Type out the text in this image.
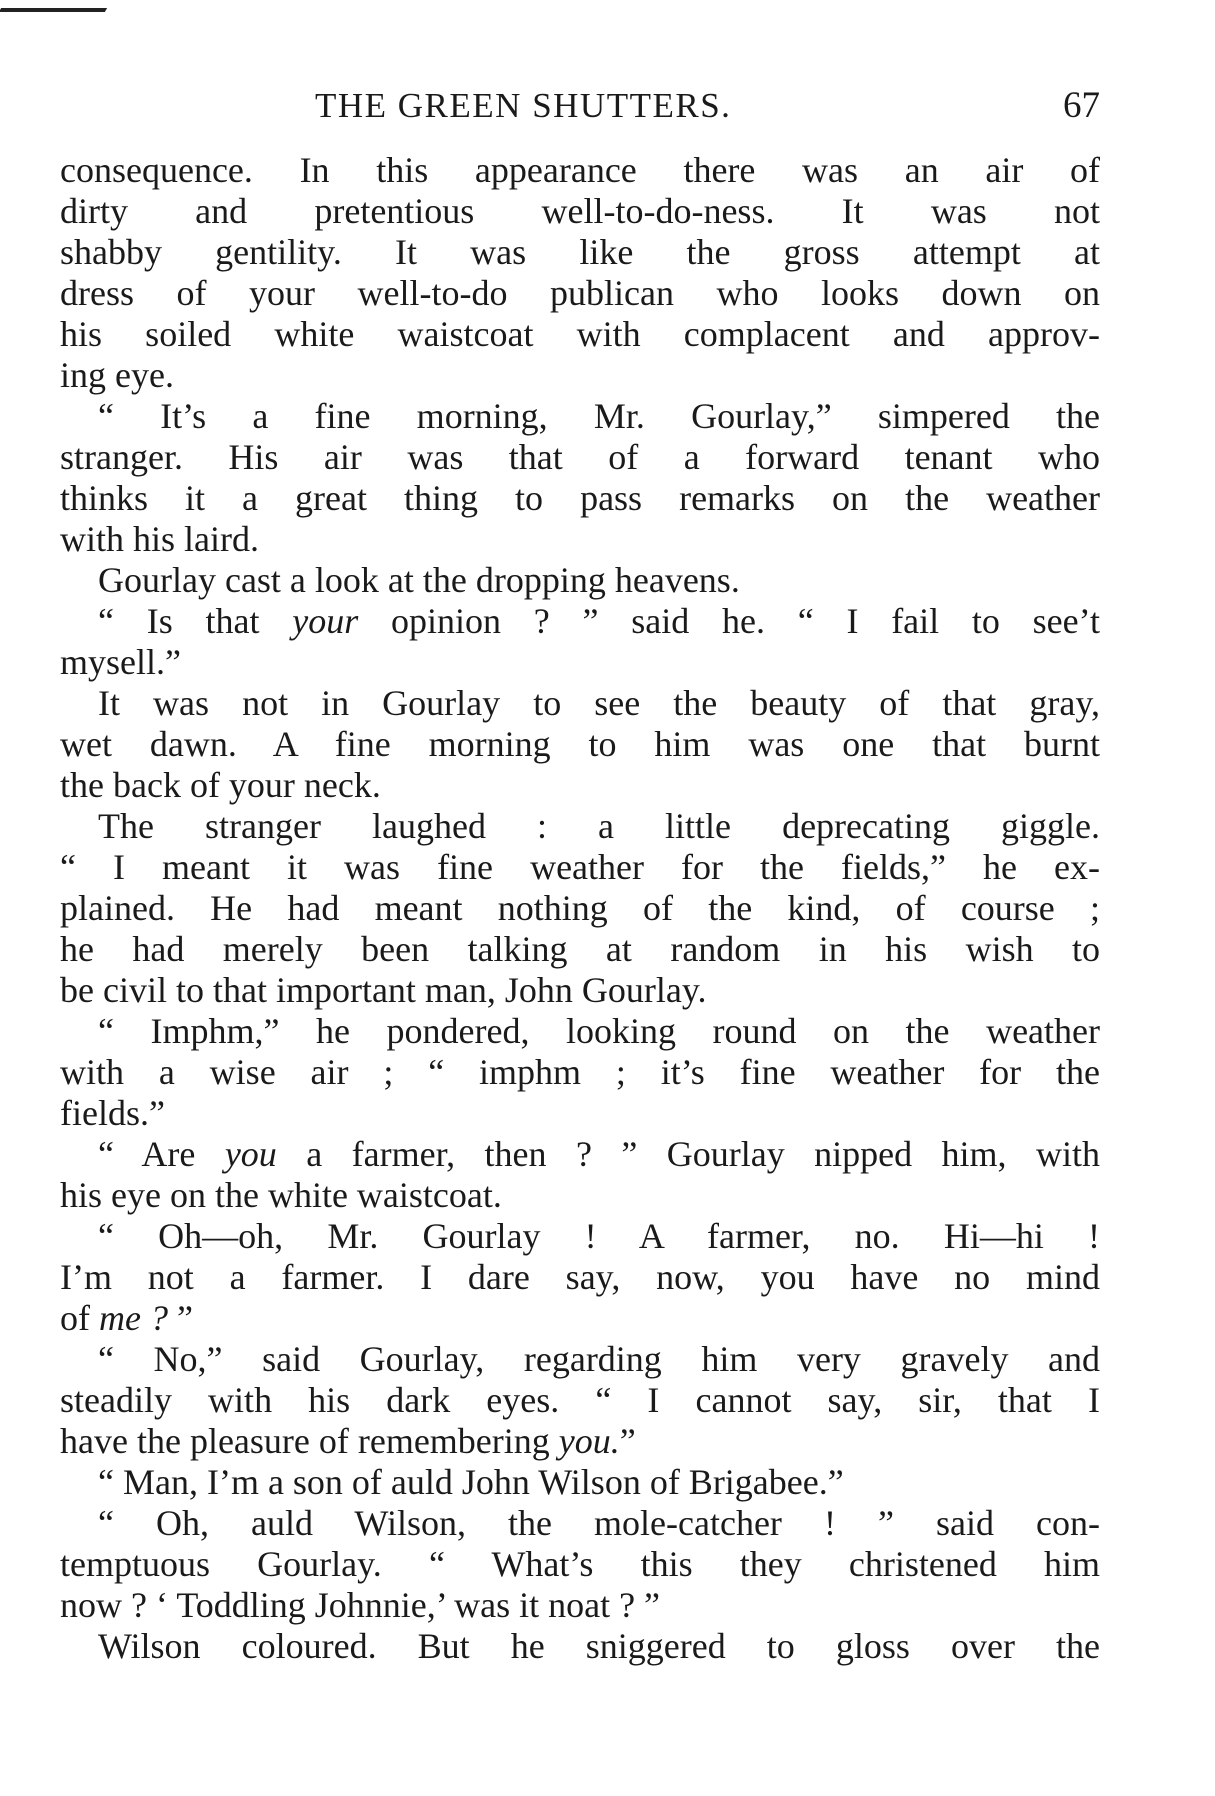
THE GREEN SHUTTERS.	67
consequence. In this appearance there was an air of
dirty and pretentious well-to-do-ness. It was not
shabby gentility. It was like the gross attempt at
dress of your well-to-do publican who looks down on
his soiled white waistcoat with complacent and approv-
ing eye.
“ It’s a fine morning, Mr. Gourlay,” simpered the
stranger. His air was that of a forward tenant who
thinks it a great thing to pass remarks on the weather
with his laird.
Gourlay cast a look at the dropping heavens.
“ Is that your opinion ? ” said he. “ I fail to see’t
mysell.”
It was not in Gourlay to see the beauty of that gray,
wet dawn. A fine morning to him was one that burnt
the back of your neck.
The stranger laughed : a little deprecating giggle.
“ I meant it was fine weather for the fields,” he ex-
plained. He had meant nothing of the kind, of course ;
he had merely been talking at random in his wish to
be civil to that important man, John Gourlay.
“ Imphm,” he pondered, looking round on the weather
with a wise air ; “ imphm ; it’s fine weather for the
fields.”
“ Are you a farmer, then ? ” Gourlay nipped him, with
his eye on the white waistcoat.
“ Oh—oh, Mr. Gourlay ! A farmer, no. Hi—hi !
I’m not a farmer. I dare say, now, you have no mind
of me ? ”
“ No,” said Gourlay, regarding him very gravely and
steadily with his dark eyes. “ I cannot say, sir, that I
have the pleasure of remembering you.”
“ Man, I’m a son of auld John Wilson of Brigabee.”
“ Oh, auld Wilson, the mole-catcher ! ” said con-
temptuous Gourlay. “ What’s this they christened him
now ? ‘ Toddling Johnnie,’ was it noat ? ”
Wilson coloured. But he sniggered to gloss over the
